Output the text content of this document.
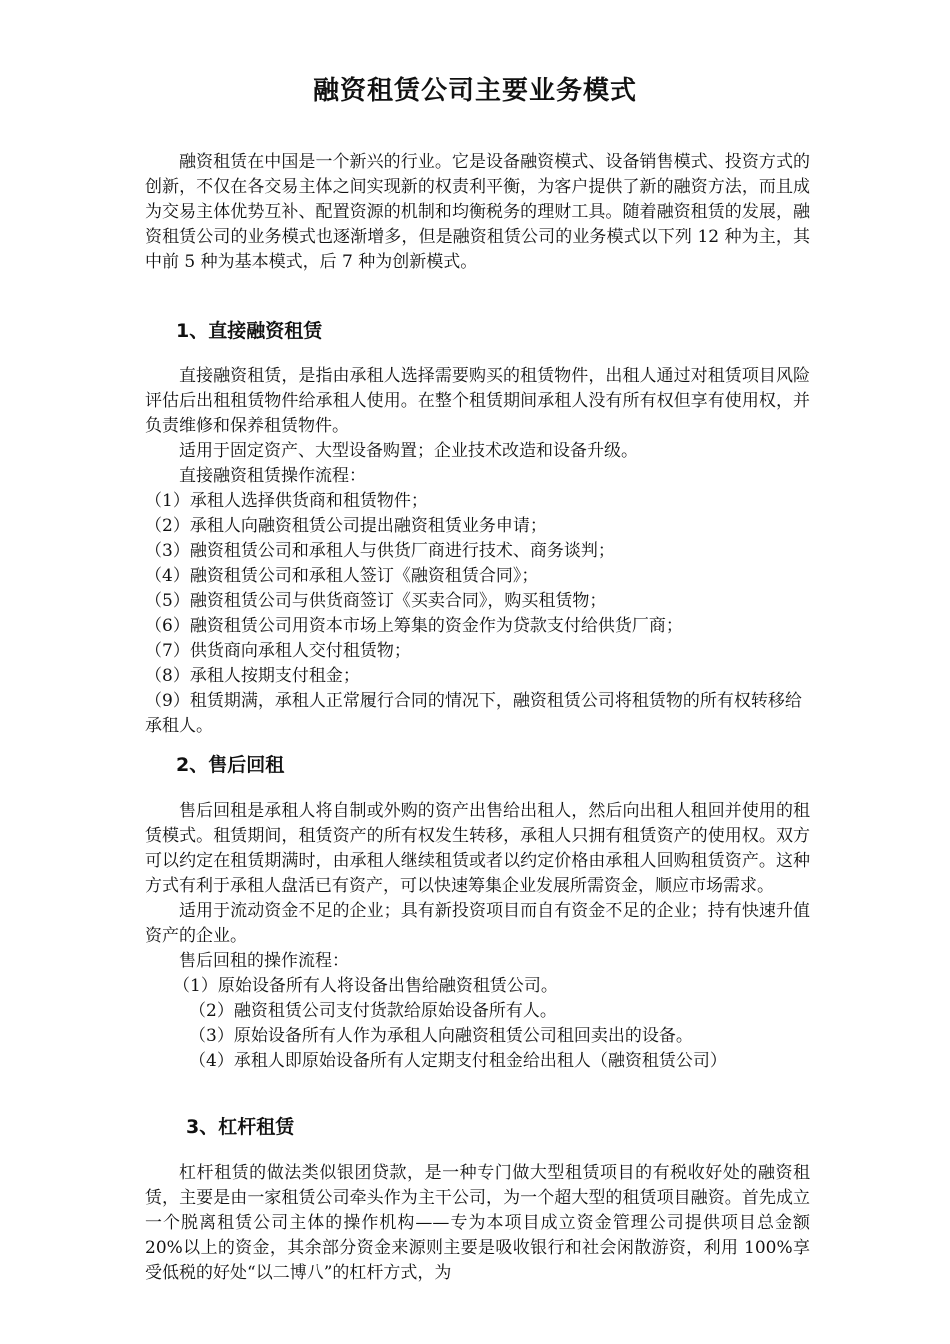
融资租赁公司主要业务模式

融资租赁在中国是一个新兴的行业。它是设备融资模式、设备销售模式、投资方式的创新，不仅在各交易主体之间实现新的权责利平衡，为客户提供了新的融资方法，而且成为交易主体优势互补、配置资源的机制和均衡税务的理财工具。随着融资租赁的发展，融资租赁公司的业务模式也逐渐增多，但是融资租赁公司的业务模式以下列 12 种为主，其中前 5 种为基本模式，后 7 种为创新模式。

1、直接融资租赁

直接融资租赁，是指由承租人选择需要购买的租赁物件，出租人通过对租赁项目风险评估后出租租赁物件给承租人使用。在整个租赁期间承租人没有所有权但享有使用权，并负责维修和保养租赁物件。

适用于固定资产、大型设备购置；企业技术改造和设备升级。

直接融资租赁操作流程：

（1）承租人选择供货商和租赁物件；

（2）承租人向融资租赁公司提出融资租赁业务申请；

（3）融资租赁公司和承租人与供货厂商进行技术、商务谈判；

（4）融资租赁公司和承租人签订《融资租赁合同》；

（5）融资租赁公司与供货商签订《买卖合同》，购买租赁物；

（6）融资租赁公司用资本市场上筹集的资金作为贷款支付给供货厂商；

（7）供货商向承租人交付租赁物；

（8）承租人按期支付租金；

（9）租赁期满，承租人正常履行合同的情况下，融资租赁公司将租赁物的所有权转移给承租人。

2、售后回租

售后回租是承租人将自制或外购的资产出售给出租人，然后向出租人租回并使用的租赁模式。租赁期间，租赁资产的所有权发生转移，承租人只拥有租赁资产的使用权。双方可以约定在租赁期满时，由承租人继续租赁或者以约定价格由承租人回购租赁资产。这种方式有利于承租人盘活已有资产，可以快速筹集企业发展所需资金，顺应市场需求。

适用于流动资金不足的企业；具有新投资项目而自有资金不足的企业；持有快速升值资产的企业。

售后回租的操作流程：

（1）原始设备所有人将设备出售给融资租赁公司。

（2）融资租赁公司支付货款给原始设备所有人。

（3）原始设备所有人作为承租人向融资租赁公司租回卖出的设备。

（4）承租人即原始设备所有人定期支付租金给出租人（融资租赁公司）

3、杠杆租赁

杠杆租赁的做法类似银团贷款，是一种专门做大型租赁项目的有税收好处的融资租赁，主要是由一家租赁公司牵头作为主干公司，为一个超大型的租赁项目融资。首先成立一个脱离租赁公司主体的操作机构——专为本项目成立资金管理公司提供项目总金额 20%以上的资金，其余部分资金来源则主要是吸收银行和社会闲散游资，利用 100%享受低税的好处“以二博八”的杠杆方式，为
